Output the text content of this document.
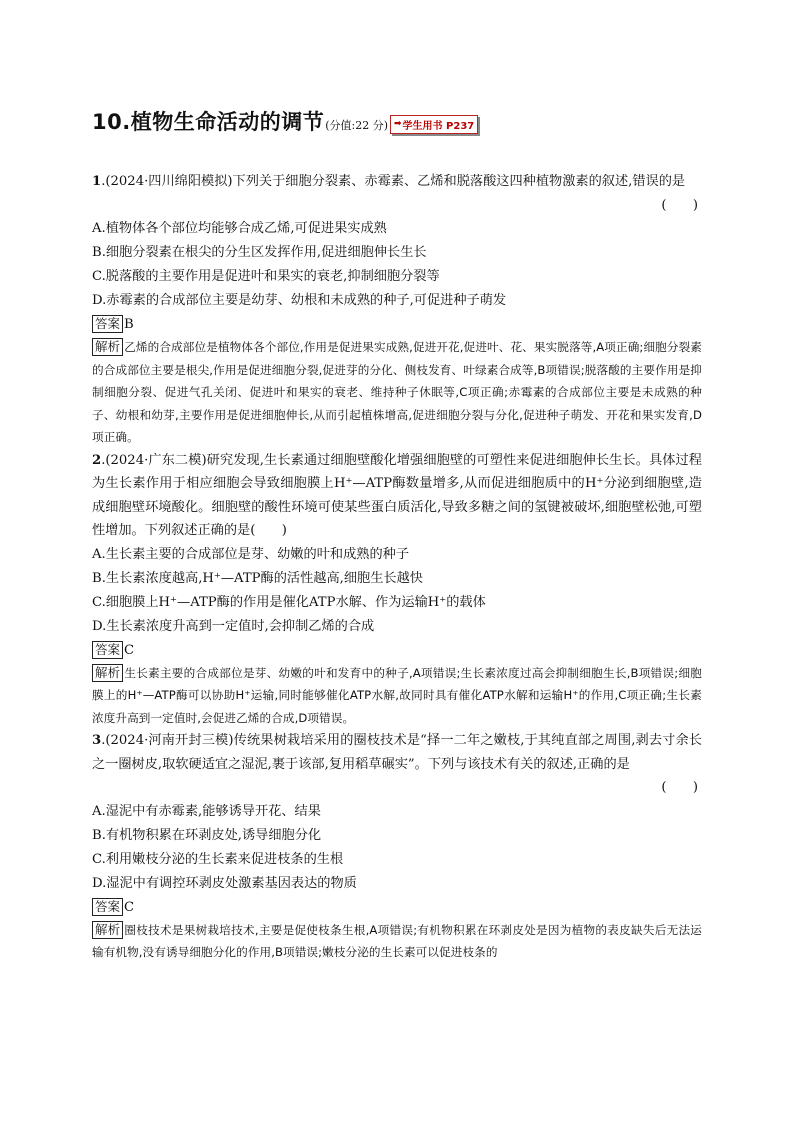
10.植物生命活动的调节 (分值:22 分) ➡ 学生用书 P237
1.(2024·四川绵阳模拟)下列关于细胞分裂素、赤霉素、乙烯和脱落酸这四种植物激素的叙述,错误的是
(　　)
A.植物体各个部位均能够合成乙烯,可促进果实成熟
B.细胞分裂素在根尖的分生区发挥作用,促进细胞伸长生长
C.脱落酸的主要作用是促进叶和果实的衰老,抑制细胞分裂等
D.赤霉素的合成部位主要是幼芽、幼根和未成熟的种子,可促进种子萌发
答案 B
解析 乙烯的合成部位是植物体各个部位,作用是促进果实成熟,促进开花,促进叶、花、果实脱落等,A项正确;细胞分裂素的合成部位主要是根尖,作用是促进细胞分裂,促进芽的分化、侧枝发育、叶绿素合成等,B项错误;脱落酸的主要作用是抑制细胞分裂、促进气孔关闭、促进叶和果实的衰老、维持种子休眠等,C项正确;赤霉素的合成部位主要是未成熟的种子、幼根和幼芽,主要作用是促进细胞伸长,从而引起植株增高,促进细胞分裂与分化,促进种子萌发、开花和果实发育,D项正确。
2.(2024·广东二模)研究发现,生长素通过细胞壁酸化增强细胞壁的可塑性来促进细胞伸长生长。具体过程为生长素作用于相应细胞会导致细胞膜上H⁺—ATP酶数量增多,从而促进细胞质中的H⁺分泌到细胞壁,造成细胞壁环境酸化。细胞壁的酸性环境可使某些蛋白质活化,导致多糖之间的氢键被破坏,细胞壁松弛,可塑性增加。下列叙述正确的是(　　)
A.生长素主要的合成部位是芽、幼嫩的叶和成熟的种子
B.生长素浓度越高,H⁺—ATP酶的活性越高,细胞生长越快
C.细胞膜上H⁺—ATP酶的作用是催化ATP水解、作为运输H⁺的载体
D.生长素浓度升高到一定值时,会抑制乙烯的合成
答案 C
解析 生长素主要的合成部位是芽、幼嫩的叶和发育中的种子,A项错误;生长素浓度过高会抑制细胞生长,B项错误;细胞膜上的H⁺—ATP酶可以协助H⁺运输,同时能够催化ATP水解,故同时具有催化ATP水解和运输H⁺的作用,C项正确;生长素浓度升高到一定值时,会促进乙烯的合成,D项错误。
3.(2024·河南开封三模)传统果树栽培采用的圈枝技术是“择一二年之嫩枝,于其纯直部之周围,剥去寸余长之一圈树皮,取软硬适宜之湿泥,裹于该部,复用稻草碾实”。下列与该技术有关的叙述,正确的是
(　　)
A.湿泥中有赤霉素,能够诱导开花、结果
B.有机物积累在环剥皮处,诱导细胞分化
C.利用嫩枝分泌的生长素来促进枝条的生根
D.湿泥中有调控环剥皮处激素基因表达的物质
答案 C
解析 圈枝技术是果树栽培技术,主要是促使枝条生根,A项错误;有机物积累在环剥皮处是因为植物的表皮缺失后无法运输有机物,没有诱导细胞分化的作用,B项错误;嫩枝分泌的生长素可以促进枝条的
